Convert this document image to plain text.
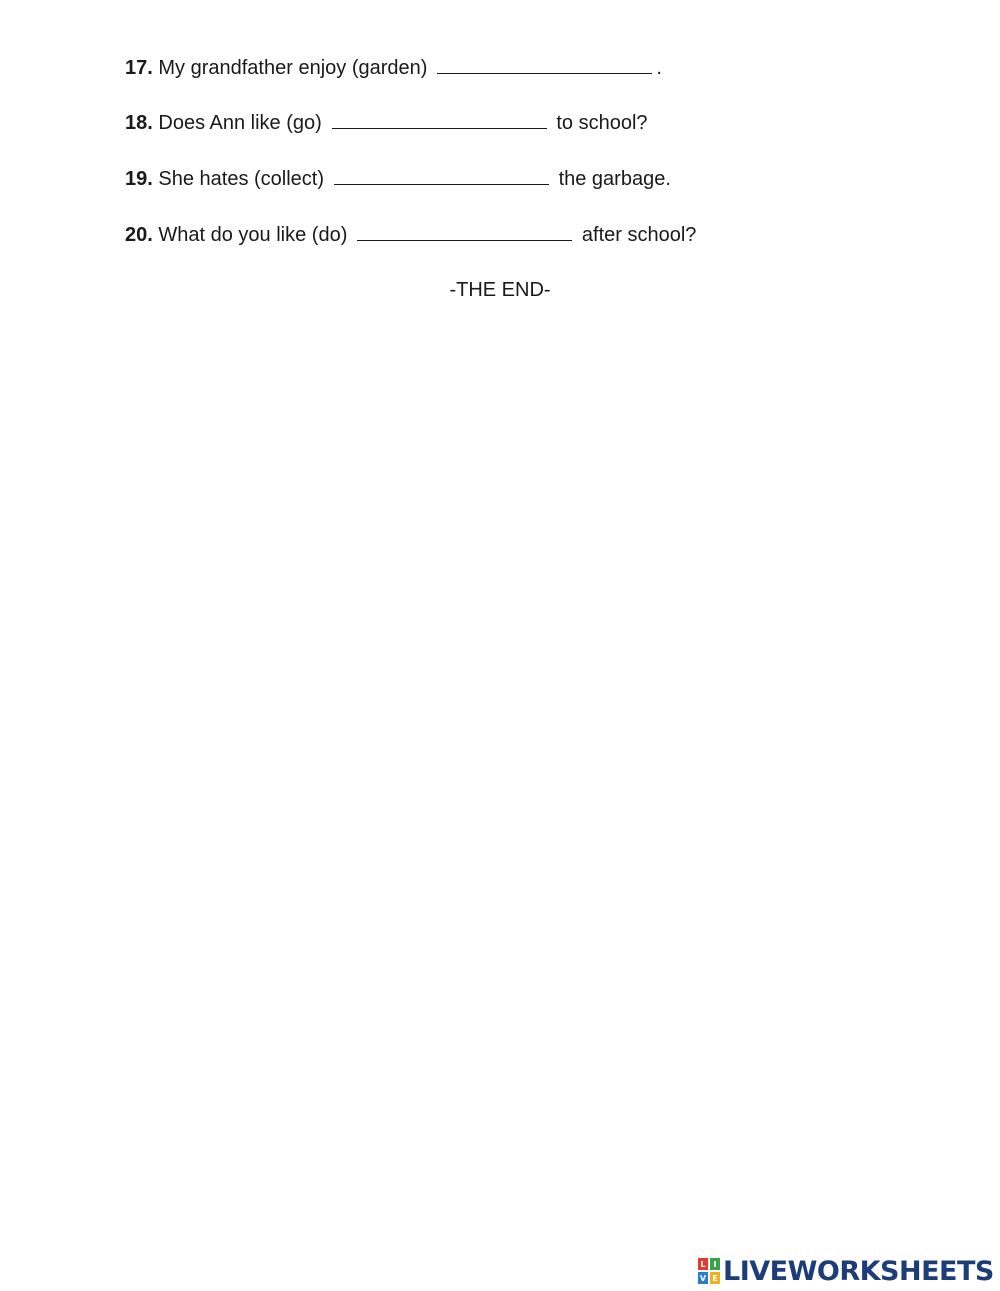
17. My grandfather enjoy (garden)	.
18. Does Ann like (go)	to school?
19. She hates (collect)	the garbage.
20. What do you like (do)	after school?
-THE END-
L I
V E LIVEWORKSHEETS
